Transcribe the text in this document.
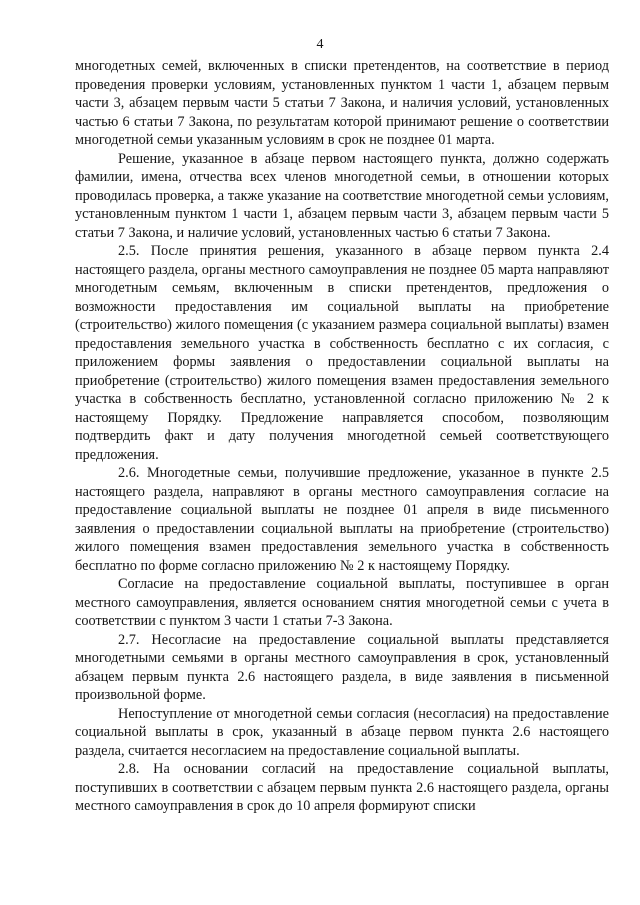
4

многодетных семей, включенных в списки претендентов, на соответствие в период проведения проверки условиям, установленных пунктом 1 части 1, абзацем первым части 3, абзацем первым части 5 статьи 7 Закона, и наличия условий, установленных частью 6 статьи 7 Закона, по результатам которой принимают решение о соответствии многодетной семьи указанным условиям в срок не позднее 01 марта.

Решение, указанное в абзаце первом настоящего пункта, должно содержать фамилии, имена, отчества всех членов многодетной семьи, в отношении которых проводилась проверка, а также указание на соответствие многодетной семьи условиям, установленным пунктом 1 части 1, абзацем первым части 3, абзацем первым части 5 статьи 7 Закона, и наличие условий, установленных частью 6 статьи 7 Закона.

2.5. После принятия решения, указанного в абзаце первом пункта 2.4 настоящего раздела, органы местного самоуправления не позднее 05 марта направляют многодетным семьям, включенным в списки претендентов, предложения о возможности предоставления им социальной выплаты на приобретение (строительство) жилого помещения (с указанием размера социальной выплаты) взамен предоставления земельного участка в собственность бесплатно с их согласия, с приложением формы заявления о предоставлении социальной выплаты на приобретение (строительство) жилого помещения взамен предоставления земельного участка в собственность бесплатно, установленной согласно приложению № 2 к настоящему Порядку. Предложение направляется способом, позволяющим подтвердить факт и дату получения многодетной семьей соответствующего предложения.

2.6. Многодетные семьи, получившие предложение, указанное в пункте 2.5 настоящего раздела, направляют в органы местного самоуправления согласие на предоставление социальной выплаты не позднее 01 апреля в виде письменного заявления о предоставлении социальной выплаты на приобретение (строительство) жилого помещения взамен предоставления земельного участка в собственность бесплатно по форме согласно приложению № 2 к настоящему Порядку.

Согласие на предоставление социальной выплаты, поступившее в орган местного самоуправления, является основанием снятия многодетной семьи с учета в соответствии с пунктом 3 части 1 статьи 7-3 Закона.

2.7. Несогласие на предоставление социальной выплаты представляется многодетными семьями в органы местного самоуправления в срок, установленный абзацем первым пункта 2.6 настоящего раздела, в виде заявления в письменной произвольной форме.

Непоступление от многодетной семьи согласия (несогласия) на предоставление социальной выплаты в срок, указанный в абзаце первом пункта 2.6 настоящего раздела, считается несогласием на предоставление социальной выплаты.

2.8. На основании согласий на предоставление социальной выплаты, поступивших в соответствии с абзацем первым пункта 2.6 настоящего раздела, органы местного самоуправления в срок до 10 апреля формируют списки
